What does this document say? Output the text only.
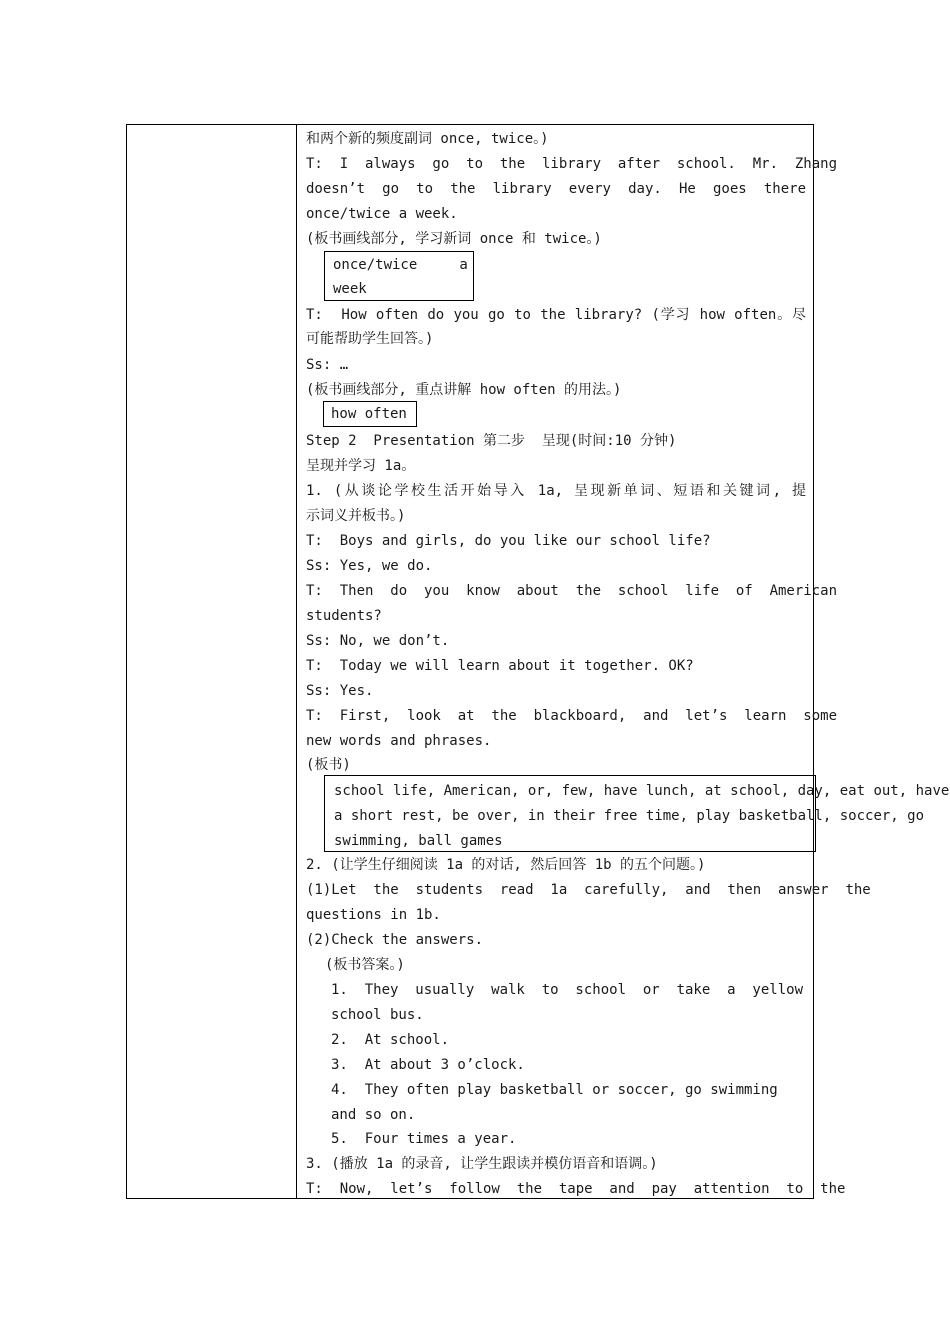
和两个新的频度副词 once, twice。)
T:  I  always  go  to  the  library  after  school.  Mr.  Zhang
doesn’t  go  to  the  library  every  day.  He  goes  there
once/twice a week.
(板书画线部分, 学习新词 once 和 twice。)
once/twice     a
week
T:  How often do you go to the library? (学习 how often。尽
可能帮助学生回答。)
Ss: …
(板书画线部分, 重点讲解 how often 的用法。)
how often
Step 2  Presentation 第二步  呈现(时间:10 分钟)
呈现并学习 1a。
1. (从谈论学校生活开始导入 1a, 呈现新单词、短语和关键词, 提
示词义并板书。)
T:  Boys and girls, do you like our school life?
Ss: Yes, we do.
T:  Then  do  you  know  about  the  school  life  of  American
students?
Ss: No, we don’t.
T:  Today we will learn about it together. OK?
Ss: Yes.
T:  First,  look  at  the  blackboard,  and  let’s  learn  some
new words and phrases.
(板书)
school life, American, or, few, have lunch, at school, day, eat out, have
a short rest, be over, in their free time, play basketball, soccer, go
swimming, ball games
2. (让学生仔细阅读 1a 的对话, 然后回答 1b 的五个问题。)
(1)Let  the  students  read  1a  carefully,  and  then  answer  the
questions in 1b.
(2)Check the answers.
(板书答案。)
1.  They  usually  walk  to  school  or  take  a  yellow
school bus.
2.  At school.
3.  At about 3 o’clock.
4.  They often play basketball or soccer, go swimming
and so on.
5.  Four times a year.
3. (播放 1a 的录音, 让学生跟读并模仿语音和语调。)
T:  Now,  let’s  follow  the  tape  and  pay  attention  to  the
